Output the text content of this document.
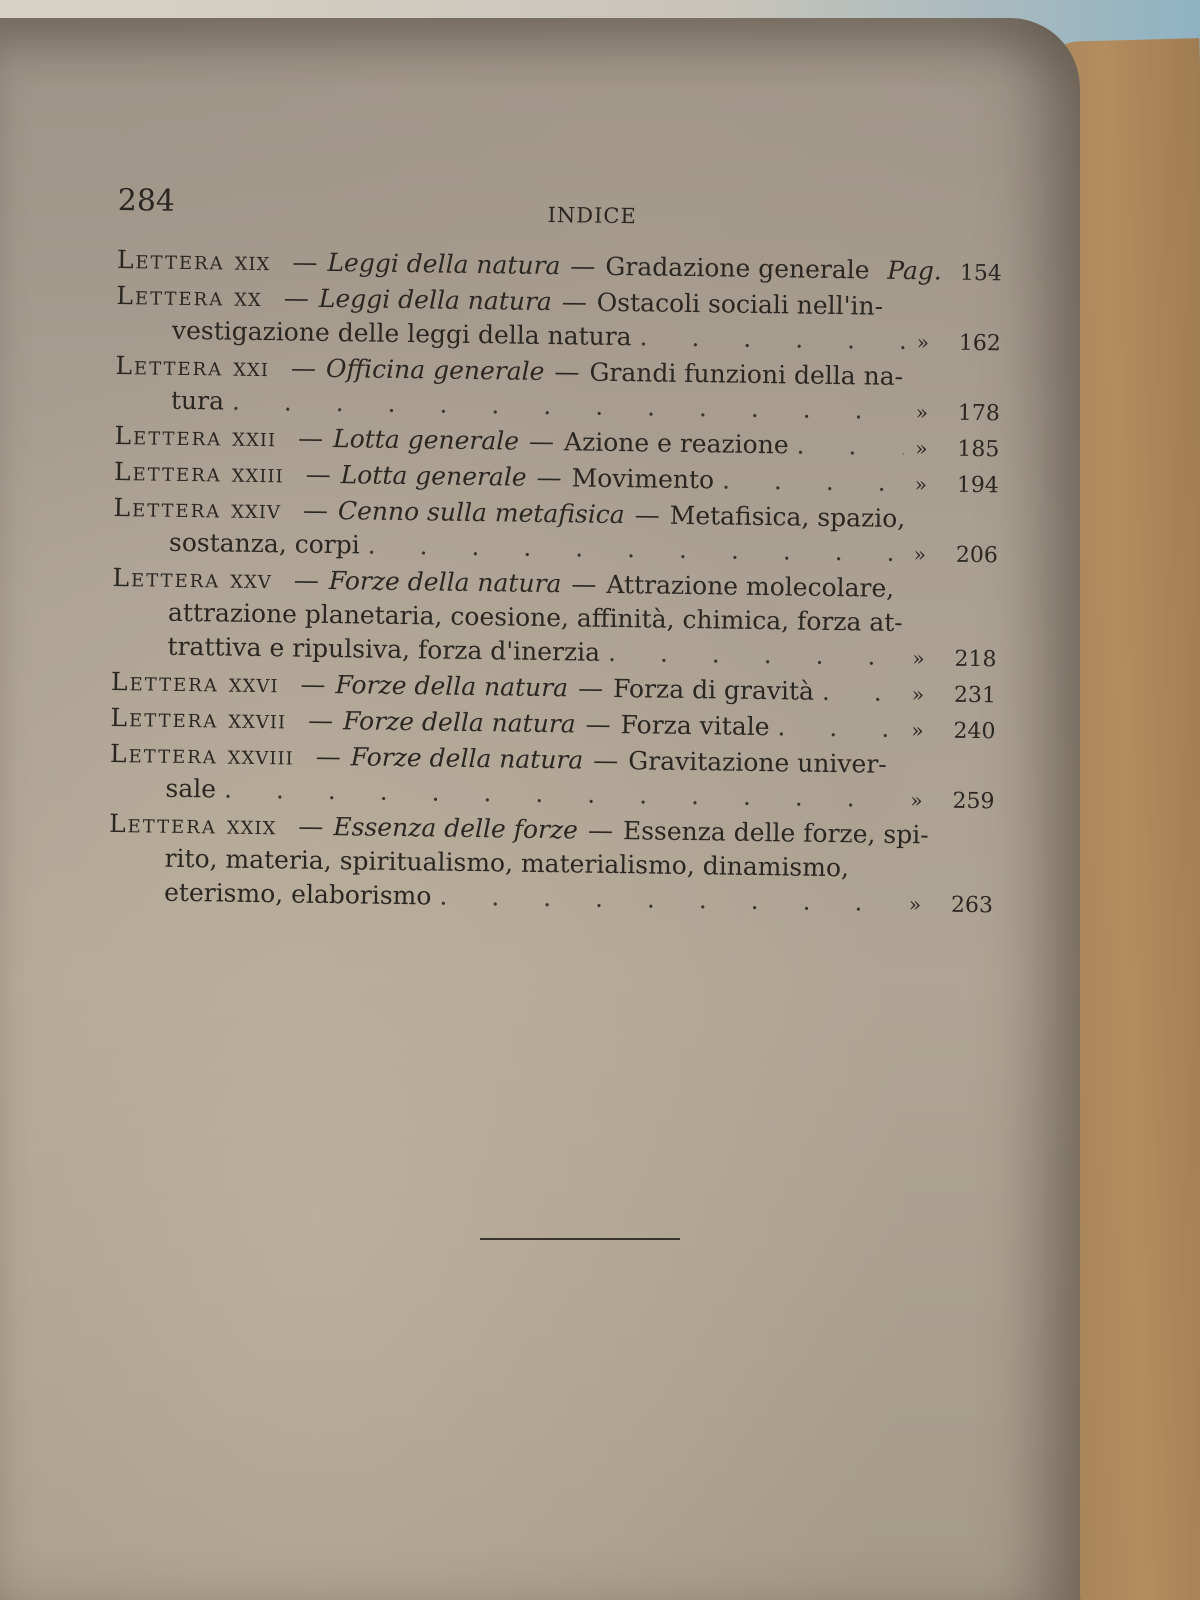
284	INDICE
Lettera xix — Leggi della natura — Gradazione generale . . . Pag. 154
Lettera xx — Leggi della natura — Ostacoli sociali nell'in-
vestigazione delle leggi della natura . . .	»	162
Lettera xxi — Officina generale — Grandi funzioni della na-
tura . . .	»	178
Lettera xxii — Lotta generale — Azione e reazione . . .	»	185
Lettera xxiii — Lotta generale — Movimento . . .	»	194
Lettera xxiv — Cenno sulla metafisica — Metafisica, spazio,
sostanza, corpi . . .	»	206
Lettera xxv — Forze della natura — Attrazione molecolare,
attrazione planetaria, coesione, affinità, chimica, forza at-
trattiva e ripulsiva, forza d'inerzia . . .	»	218
Lettera xxvi — Forze della natura — Forza di gravità . . .	»	231
Lettera xxvii — Forze della natura — Forza vitale . . .	»	240
Lettera xxviii — Forze della natura — Gravitazione univer-
sale . . .	»	259
Lettera xxix — Essenza delle forze — Essenza delle forze, spi-
rito, materia, spiritualismo, materialismo, dinamismo,
eterismo, elaborismo . . .	»	263
